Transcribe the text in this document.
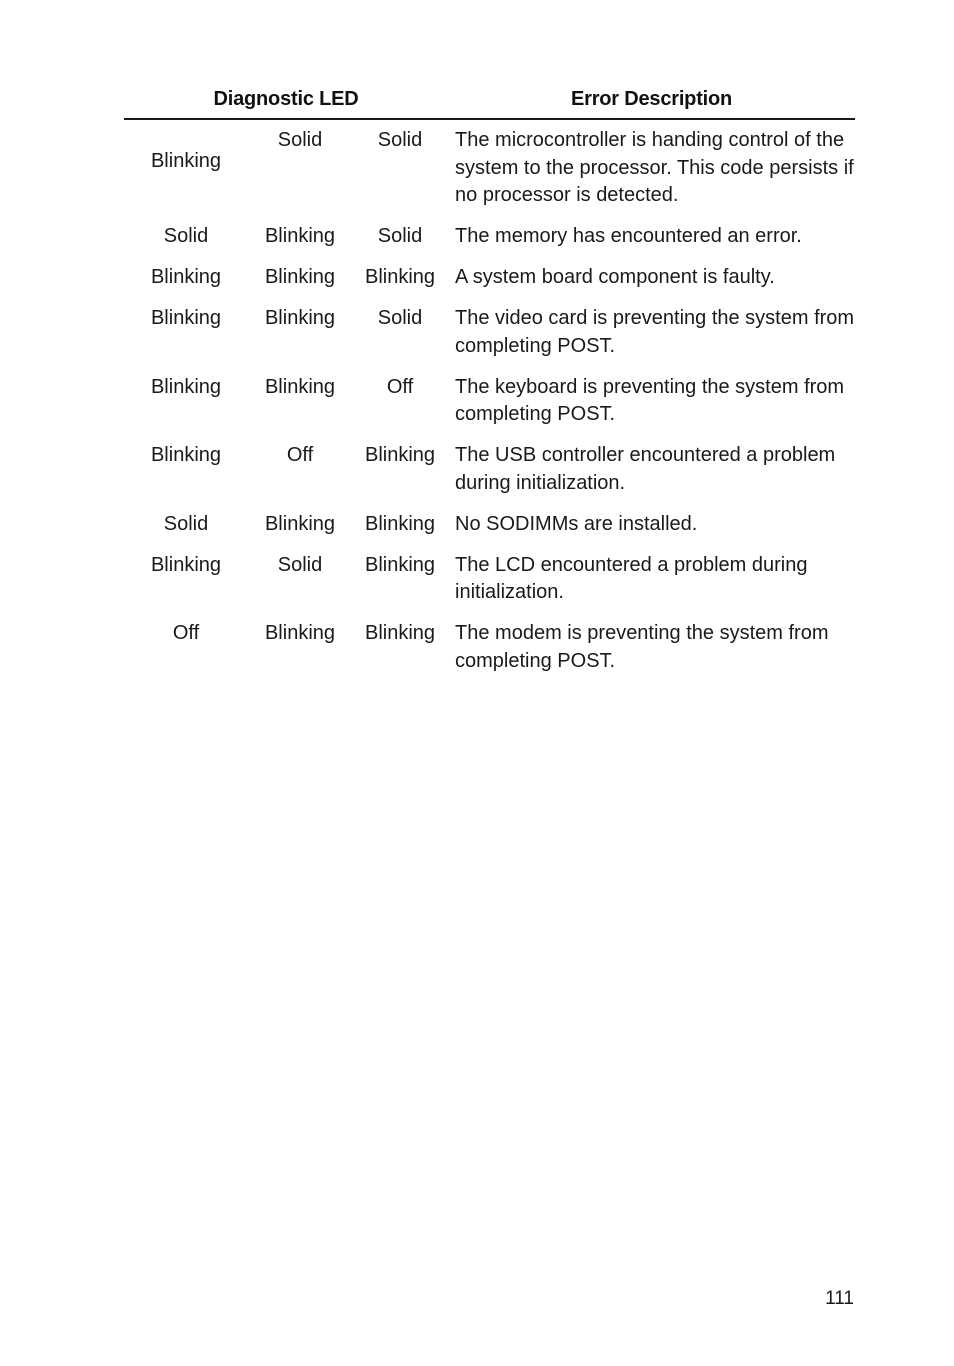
Diagnostic LED			Error Description
Blinking	Solid	Solid	The microcontroller is handing control of the system to the processor. This code persists if no processor is detected.
Solid	Blinking	Solid	The memory has encountered an error.
Blinking	Blinking	Blinking	A system board component is faulty.
Blinking	Blinking	Solid	The video card is preventing the system from completing POST.
Blinking	Blinking	Off	The keyboard is preventing the system from completing POST.
Blinking	Off	Blinking	The USB controller encountered a problem during initialization.
Solid	Blinking	Blinking	No SODIMMs are installed.
Blinking	Solid	Blinking	The LCD encountered a problem during initialization.
Off	Blinking	Blinking	The modem is preventing the system from completing POST.
111
